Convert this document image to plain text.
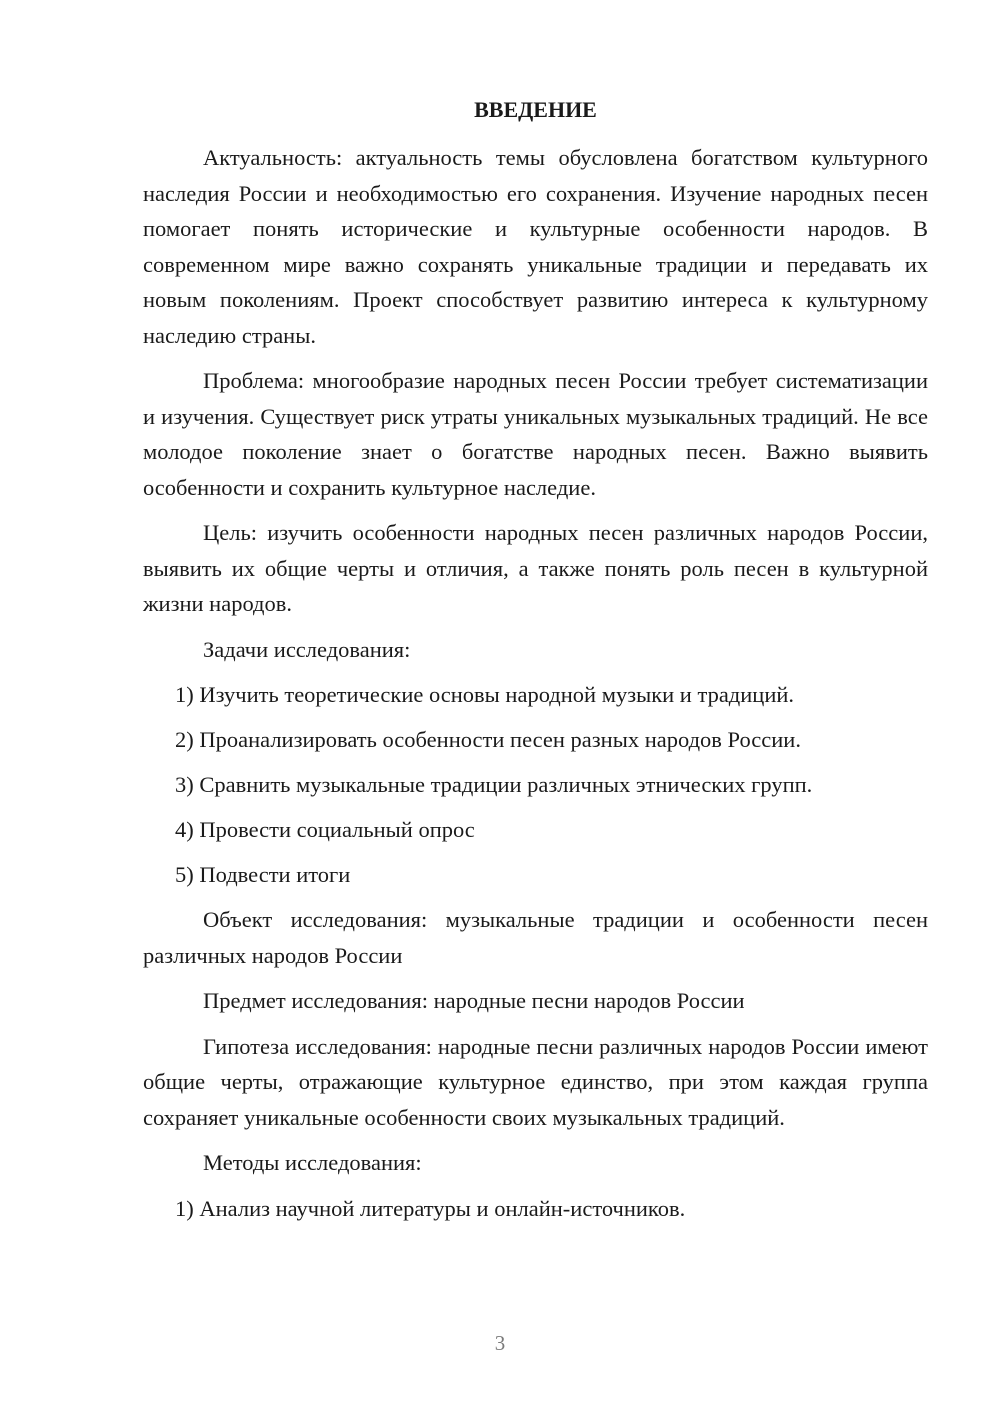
ВВЕДЕНИЕ

Актуальность: актуальность темы обусловлена богатством культурного наследия России и необходимостью его сохранения. Изучение народных песен помогает понять исторические и культурные особенности народов. В современном мире важно сохранять уникальные традиции и передавать их новым поколениям. Проект способствует развитию интереса к культурному наследию страны.

Проблема: многообразие народных песен России требует систематизации и изучения. Существует риск утраты уникальных музыкальных традиций. Не все молодое поколение знает о богатстве народных песен. Важно выявить особенности и сохранить культурное наследие.

Цель: изучить особенности народных песен различных народов России, выявить их общие черты и отличия, а также понять роль песен в культурной жизни народов.

Задачи исследования:

1) Изучить теоретические основы народной музыки и традиций.

2) Проанализировать особенности песен разных народов России.

3) Сравнить музыкальные традиции различных этнических групп.

4) Провести социальный опрос

5) Подвести итоги

Объект исследования: музыкальные традиции и особенности песен различных народов России

Предмет исследования: народные песни народов России

Гипотеза исследования: народные песни различных народов России имеют общие черты, отражающие культурное единство, при этом каждая группа сохраняет уникальные особенности своих музыкальных традиций.

Методы исследования:

1) Анализ научной литературы и онлайн-источников.

3
